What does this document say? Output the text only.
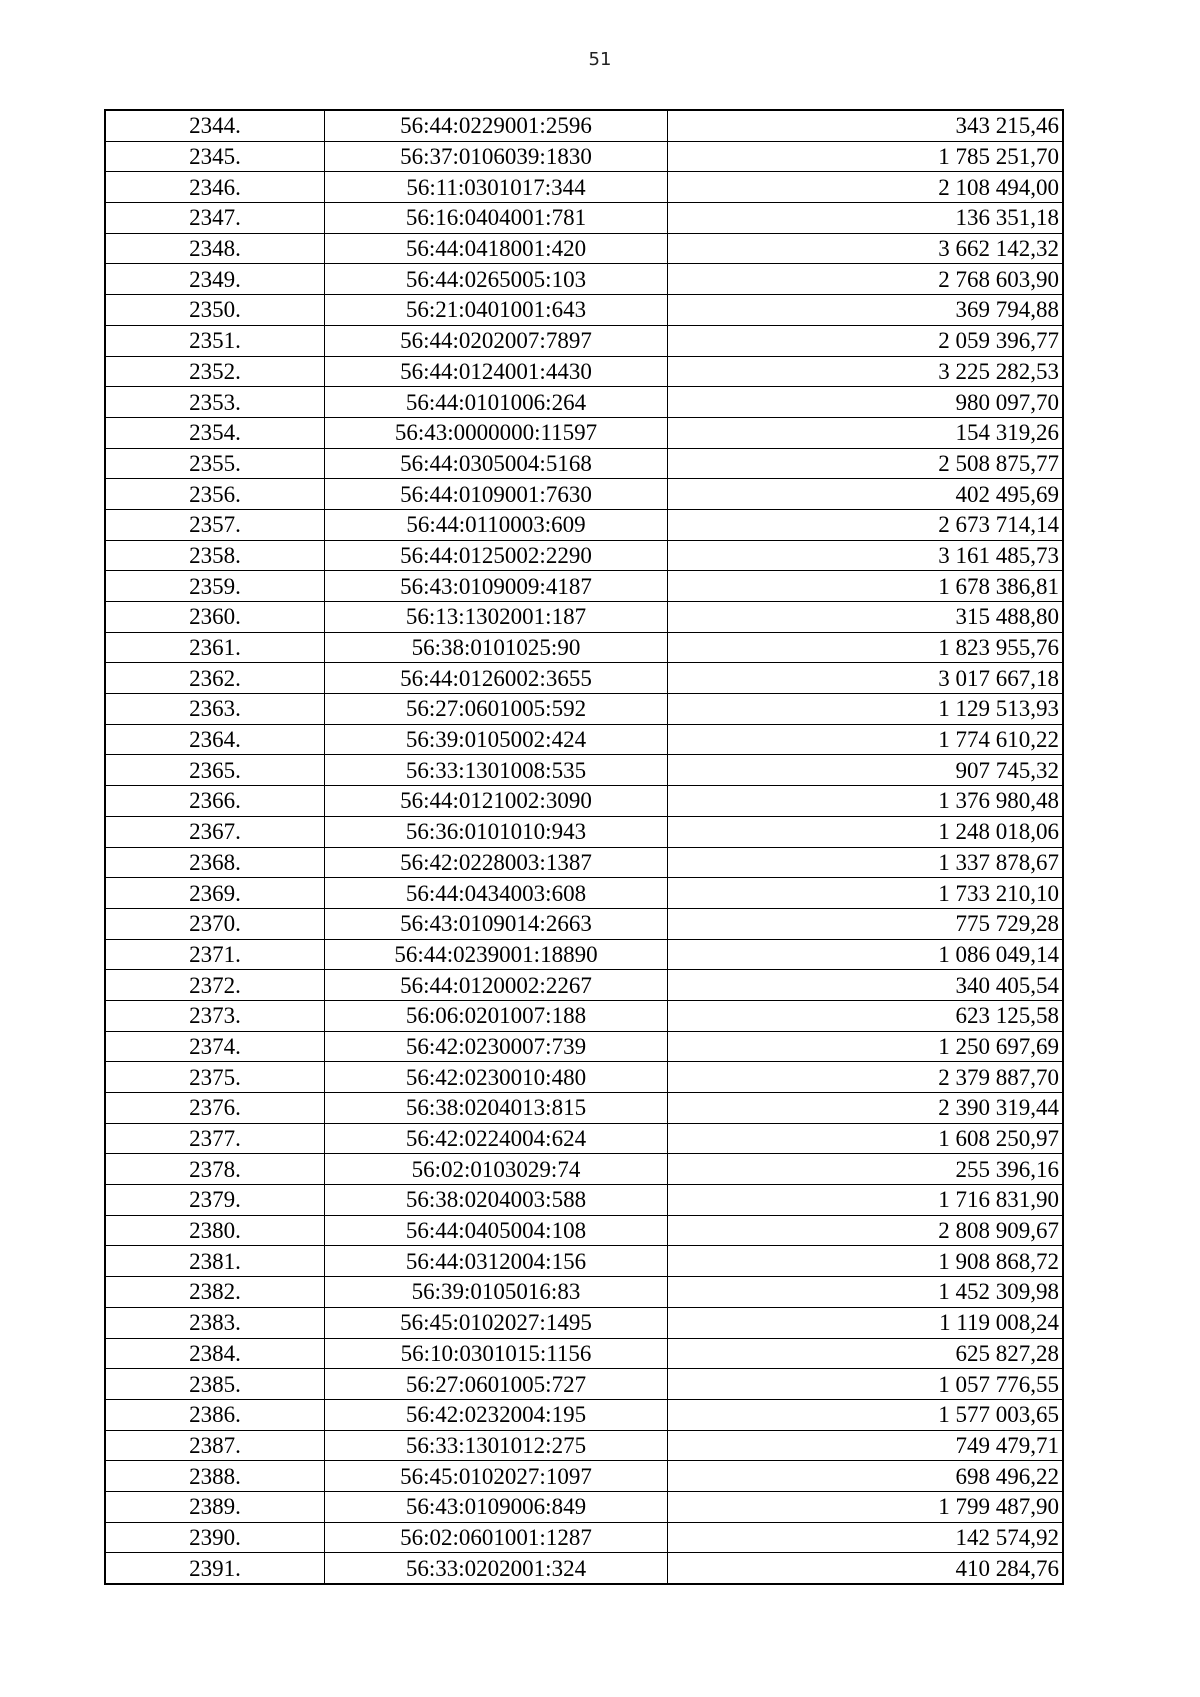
51
2344.	56:44:0229001:2596	343 215,46
2345.	56:37:0106039:1830	1 785 251,70
2346.	56:11:0301017:344	2 108 494,00
2347.	56:16:0404001:781	136 351,18
2348.	56:44:0418001:420	3 662 142,32
2349.	56:44:0265005:103	2 768 603,90
2350.	56:21:0401001:643	369 794,88
2351.	56:44:0202007:7897	2 059 396,77
2352.	56:44:0124001:4430	3 225 282,53
2353.	56:44:0101006:264	980 097,70
2354.	56:43:0000000:11597	154 319,26
2355.	56:44:0305004:5168	2 508 875,77
2356.	56:44:0109001:7630	402 495,69
2357.	56:44:0110003:609	2 673 714,14
2358.	56:44:0125002:2290	3 161 485,73
2359.	56:43:0109009:4187	1 678 386,81
2360.	56:13:1302001:187	315 488,80
2361.	56:38:0101025:90	1 823 955,76
2362.	56:44:0126002:3655	3 017 667,18
2363.	56:27:0601005:592	1 129 513,93
2364.	56:39:0105002:424	1 774 610,22
2365.	56:33:1301008:535	907 745,32
2366.	56:44:0121002:3090	1 376 980,48
2367.	56:36:0101010:943	1 248 018,06
2368.	56:42:0228003:1387	1 337 878,67
2369.	56:44:0434003:608	1 733 210,10
2370.	56:43:0109014:2663	775 729,28
2371.	56:44:0239001:18890	1 086 049,14
2372.	56:44:0120002:2267	340 405,54
2373.	56:06:0201007:188	623 125,58
2374.	56:42:0230007:739	1 250 697,69
2375.	56:42:0230010:480	2 379 887,70
2376.	56:38:0204013:815	2 390 319,44
2377.	56:42:0224004:624	1 608 250,97
2378.	56:02:0103029:74	255 396,16
2379.	56:38:0204003:588	1 716 831,90
2380.	56:44:0405004:108	2 808 909,67
2381.	56:44:0312004:156	1 908 868,72
2382.	56:39:0105016:83	1 452 309,98
2383.	56:45:0102027:1495	1 119 008,24
2384.	56:10:0301015:1156	625 827,28
2385.	56:27:0601005:727	1 057 776,55
2386.	56:42:0232004:195	1 577 003,65
2387.	56:33:1301012:275	749 479,71
2388.	56:45:0102027:1097	698 496,22
2389.	56:43:0109006:849	1 799 487,90
2390.	56:02:0601001:1287	142 574,92
2391.	56:33:0202001:324	410 284,76
